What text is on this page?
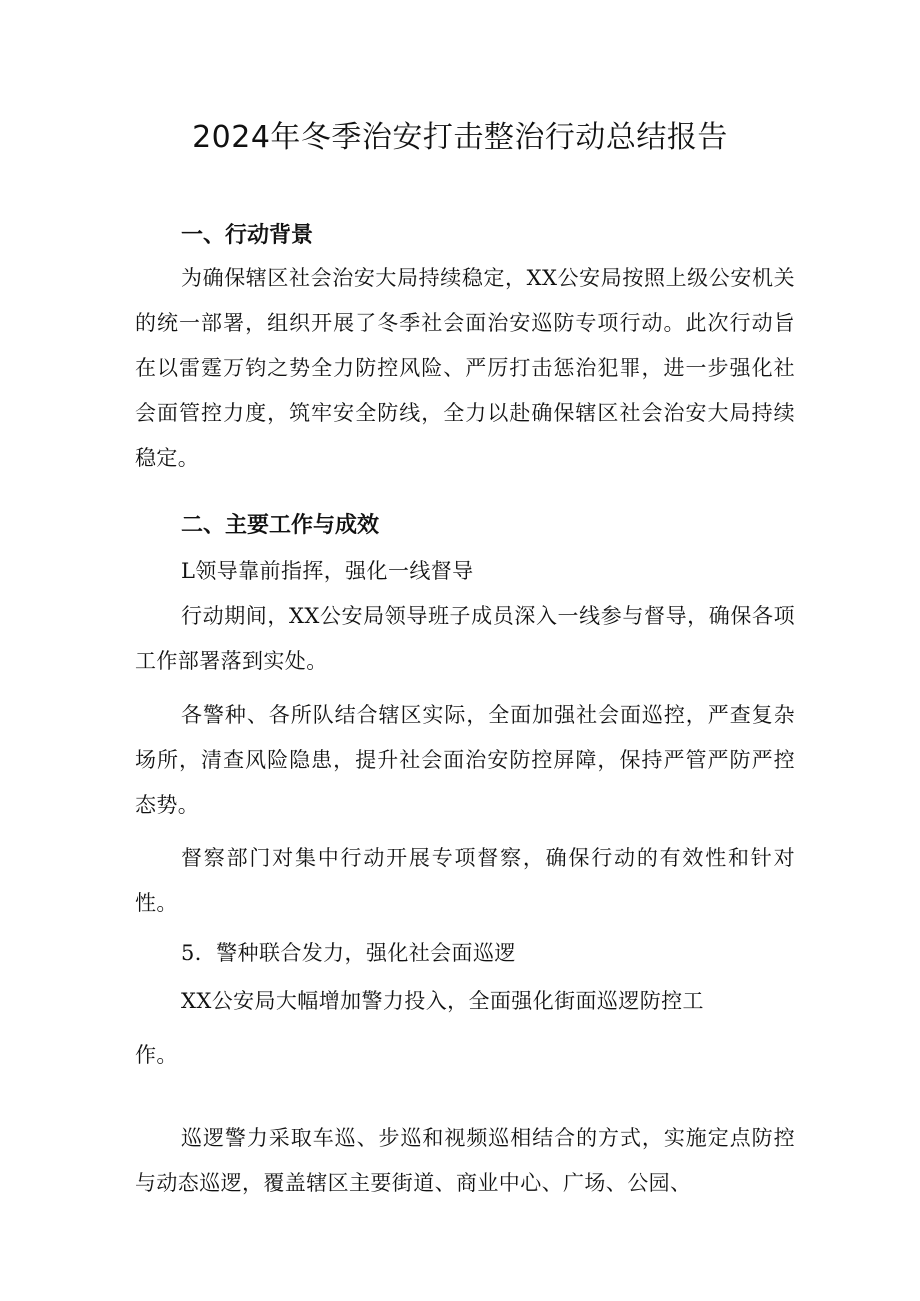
2024年冬季治安打击整治行动总结报告
一、行动背景

为确保辖区社会治安大局持续稳定，XX公安局按照上级公安机关的统一部署，组织开展了冬季社会面治安巡防专项行动。此次行动旨在以雷霆万钧之势全力防控风险、严厉打击惩治犯罪，进一步强化社会面管控力度，筑牢安全防线，全力以赴确保辖区社会治安大局持续稳定。

二、主要工作与成效
L领导靠前指挥，强化一线督导

行动期间，XX公安局领导班子成员深入一线参与督导，确保各项工作部署落到实处。

各警种、各所队结合辖区实际，全面加强社会面巡控，严查复杂场所，清查风险隐患，提升社会面治安防控屏障，保持严管严防严控态势。

督察部门对集中行动开展专项督察，确保行动的有效性和针对性。

5．警种联合发力，强化社会面巡逻
XX公安局大幅增加警力投入，全面强化街面巡逻防控工
作。

巡逻警力采取车巡、步巡和视频巡相结合的方式，实施定点防控与动态巡逻，覆盖辖区主要街道、商业中心、广场、公园、
